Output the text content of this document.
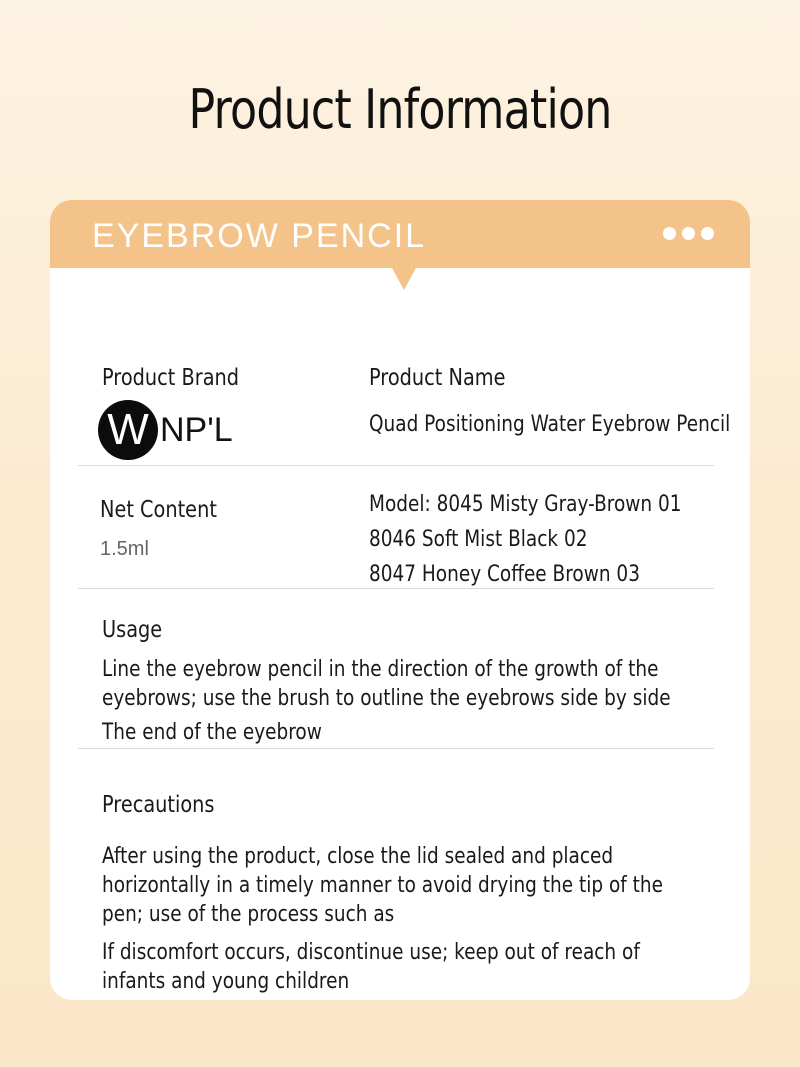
Product Information
EYEBROW PENCIL
Product Brand
W NP'L
Product Name
Quad Positioning Water Eyebrow Pencil
Net Content
1.5ml
Model: 8045 Misty Gray-Brown 01
8046 Soft Mist Black 02
8047 Honey Coffee Brown 03
Usage
Line the eyebrow pencil in the direction of the growth of the
eyebrows; use the brush to outline the eyebrows side by side
The end of the eyebrow
Precautions
After using the product, close the lid sealed and placed
horizontally in a timely manner to avoid drying the tip of the
pen; use of the process such as
If discomfort occurs, discontinue use; keep out of reach of
infants and young children
